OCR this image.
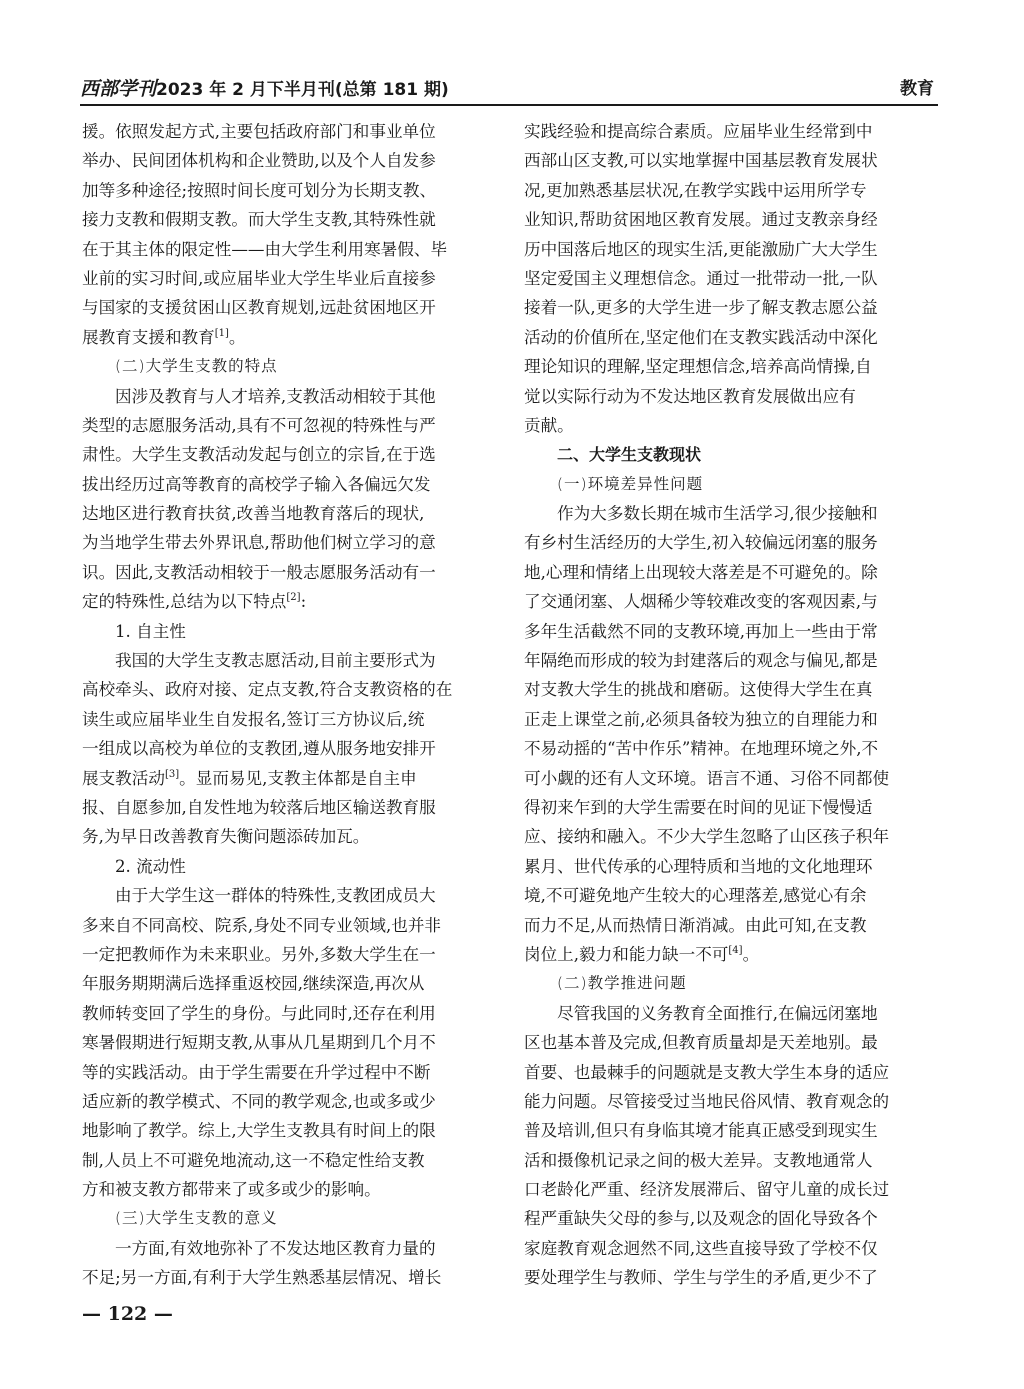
西部学刊2023 年 2 月下半月刊(总第 181 期)	教育
援。依照发起方式,主要包括政府部门和事业单位
举办、民间团体机构和企业赞助,以及个人自发参
加等多种途径;按照时间长度可划分为长期支教、
接力支教和假期支教。而大学生支教,其特殊性就
在于其主体的限定性——由大学生利用寒暑假、毕
业前的实习时间,或应届毕业大学生毕业后直接参
与国家的支援贫困山区教育规划,远赴贫困地区开
展教育支援和教育[1]。
(二)大学生支教的特点
因涉及教育与人才培养,支教活动相较于其他
类型的志愿服务活动,具有不可忽视的特殊性与严
肃性。大学生支教活动发起与创立的宗旨,在于选
拔出经历过高等教育的高校学子输入各偏远欠发
达地区进行教育扶贫,改善当地教育落后的现状,
为当地学生带去外界讯息,帮助他们树立学习的意
识。因此,支教活动相较于一般志愿服务活动有一
定的特殊性,总结为以下特点[2]:
1. 自主性
我国的大学生支教志愿活动,目前主要形式为
高校牵头、政府对接、定点支教,符合支教资格的在
读生或应届毕业生自发报名,签订三方协议后,统
一组成以高校为单位的支教团,遵从服务地安排开
展支教活动[3]。显而易见,支教主体都是自主申
报、自愿参加,自发性地为较落后地区输送教育服
务,为早日改善教育失衡问题添砖加瓦。
2. 流动性
由于大学生这一群体的特殊性,支教团成员大
多来自不同高校、院系,身处不同专业领域,也并非
一定把教师作为未来职业。另外,多数大学生在一
年服务期期满后选择重返校园,继续深造,再次从
教师转变回了学生的身份。与此同时,还存在利用
寒暑假期进行短期支教,从事从几星期到几个月不
等的实践活动。由于学生需要在升学过程中不断
适应新的教学模式、不同的教学观念,也或多或少
地影响了教学。综上,大学生支教具有时间上的限
制,人员上不可避免地流动,这一不稳定性给支教
方和被支教方都带来了或多或少的影响。
(三)大学生支教的意义
一方面,有效地弥补了不发达地区教育力量的
不足;另一方面,有利于大学生熟悉基层情况、增长
实践经验和提高综合素质。应届毕业生经常到中
西部山区支教,可以实地掌握中国基层教育发展状
况,更加熟悉基层状况,在教学实践中运用所学专
业知识,帮助贫困地区教育发展。通过支教亲身经
历中国落后地区的现实生活,更能激励广大大学生
坚定爱国主义理想信念。通过一批带动一批,一队
接着一队,更多的大学生进一步了解支教志愿公益
活动的价值所在,坚定他们在支教实践活动中深化
理论知识的理解,坚定理想信念,培养高尚情操,自
觉以实际行动为不发达地区教育发展做出应有
贡献。
二、大学生支教现状
(一)环境差异性问题
作为大多数长期在城市生活学习,很少接触和
有乡村生活经历的大学生,初入较偏远闭塞的服务
地,心理和情绪上出现较大落差是不可避免的。除
了交通闭塞、人烟稀少等较难改变的客观因素,与
多年生活截然不同的支教环境,再加上一些由于常
年隔绝而形成的较为封建落后的观念与偏见,都是
对支教大学生的挑战和磨砺。这使得大学生在真
正走上课堂之前,必须具备较为独立的自理能力和
不易动摇的“苦中作乐”精神。在地理环境之外,不
可小觑的还有人文环境。语言不通、习俗不同都使
得初来乍到的大学生需要在时间的见证下慢慢适
应、接纳和融入。不少大学生忽略了山区孩子积年
累月、世代传承的心理特质和当地的文化地理环
境,不可避免地产生较大的心理落差,感觉心有余
而力不足,从而热情日渐消减。由此可知,在支教
岗位上,毅力和能力缺一不可[4]。
(二)教学推进问题
尽管我国的义务教育全面推行,在偏远闭塞地
区也基本普及完成,但教育质量却是天差地别。最
首要、也最棘手的问题就是支教大学生本身的适应
能力问题。尽管接受过当地民俗风情、教育观念的
普及培训,但只有身临其境才能真正感受到现实生
活和摄像机记录之间的极大差异。支教地通常人
口老龄化严重、经济发展滞后、留守儿童的成长过
程严重缺失父母的参与,以及观念的固化导致各个
家庭教育观念迥然不同,这些直接导致了学校不仅
要处理学生与教师、学生与学生的矛盾,更少不了
— 122 —
